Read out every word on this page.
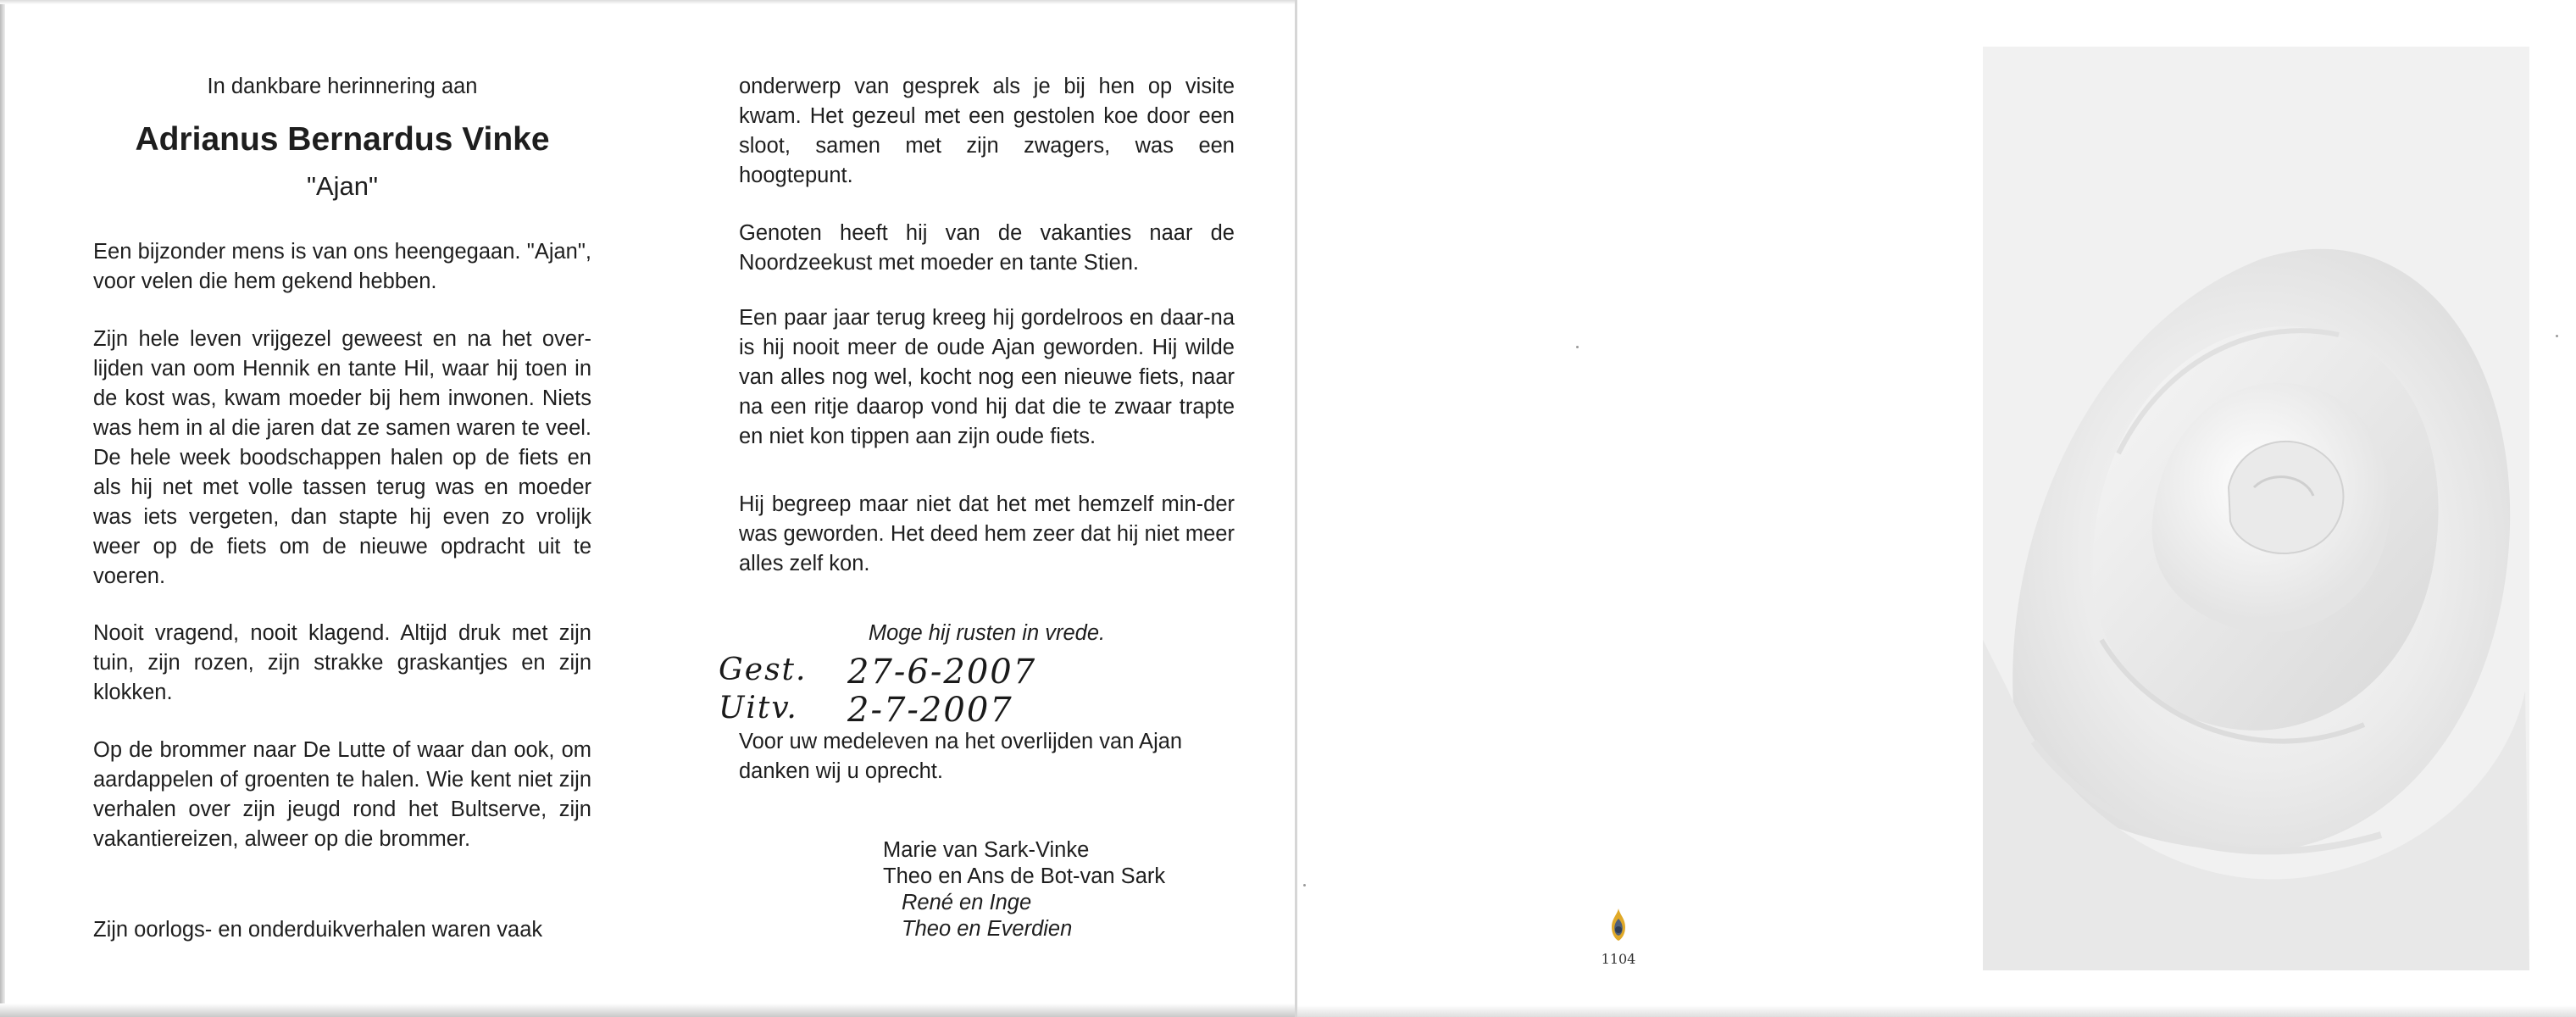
In dankbare herinnering aan
Adrianus Bernardus Vinke
"Ajan"

Een bijzonder mens is van ons heengegaan. "Ajan", voor velen die hem gekend hebben.

Zijn hele leven vrijgezel geweest en na het over-lijden van oom Hennik en tante Hil, waar hij toen in de kost was, kwam moeder bij hem inwonen. Niets was hem in al die jaren dat ze samen waren te veel. De hele week boodschappen halen op de fiets en als hij net met volle tassen terug was en moeder was iets vergeten, dan stapte hij even zo vrolijk weer op de fiets om de nieuwe opdracht uit te voeren.

Nooit vragend, nooit klagend. Altijd druk met zijn tuin, zijn rozen, zijn strakke graskantjes en zijn klokken.

Op de brommer naar De Lutte of waar dan ook, om aardappelen of groenten te halen. Wie kent niet zijn verhalen over zijn jeugd rond het Bultserve, zijn vakantiereizen, alweer op die brommer.

Zijn oorlogs- en onderduikverhalen waren vaak

onderwerp van gesprek als je bij hen op visite kwam. Het gezeul met een gestolen koe door een sloot, samen met zijn zwagers, was een hoogtepunt.

Genoten heeft hij van de vakanties naar de Noordzeekust met moeder en tante Stien.

Een paar jaar terug kreeg hij gordelroos en daar-na is hij nooit meer de oude Ajan geworden. Hij wilde van alles nog wel, kocht nog een nieuwe fiets, naar na een ritje daarop vond hij dat die te zwaar trapte en niet kon tippen aan zijn oude fiets.

Hij begreep maar niet dat het met hemzelf min-der was geworden. Het deed hem zeer dat hij niet meer alles zelf kon.

Moge hij rusten in vrede.
Gest. 27-6-2007
Uitv. 2-7-2007

Voor uw medeleven na het overlijden van Ajan danken wij u oprecht.

Marie van Sark-Vinke
Theo en Ans de Bot-van Sark
René en Inge
Theo en Everdien
1104
